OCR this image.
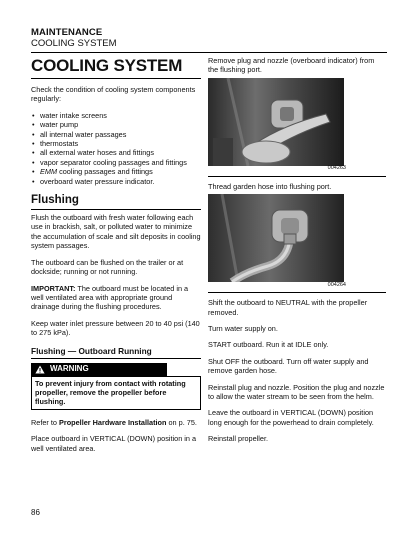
MAINTENANCE
COOLING SYSTEM
COOLING SYSTEM

Check the condition of cooling system components regularly:

• water intake screens
• water pump
• all internal water passages
• thermostats
• all external water hoses and fittings
• vapor separator cooling passages and fittings
• EMM cooling passages and fittings
• overboard water pressure indicator.
Flushing

Flush the outboard with fresh water following each use in brackish, salt, or polluted water to minimize the accumulation of scale and silt deposits in cooling system passages.

The outboard can be flushed on the trailer or at dockside; running or not running.

IMPORTANT: The outboard must be located in a well ventilated area with appropriate ground drainage during the flushing procedures.

Keep water inlet pressure between 20 to 40 psi (140 to 275 kPa).

Flushing — Outboard Running
WARNING
To prevent injury from contact with rotating propeller, remove the propeller before flushing.

Refer to Propeller Hardware Installation on p. 75.

Place outboard in VERTICAL (DOWN) position in a well ventilated area.

Remove plug and nozzle (overboard indicator) from the flushing port.

004263

Thread garden hose into flushing port.

004264

Shift the outboard to NEUTRAL with the propeller removed.

Turn water supply on.

START outboard. Run it at IDLE only.

Shut OFF the outboard. Turn off water supply and remove garden hose.

Reinstall plug and nozzle. Position the plug and nozzle to allow the water stream to be seen from the helm.

Leave the outboard in VERTICAL (DOWN) position long enough for the powerhead to drain completely.

Reinstall propeller.

86
